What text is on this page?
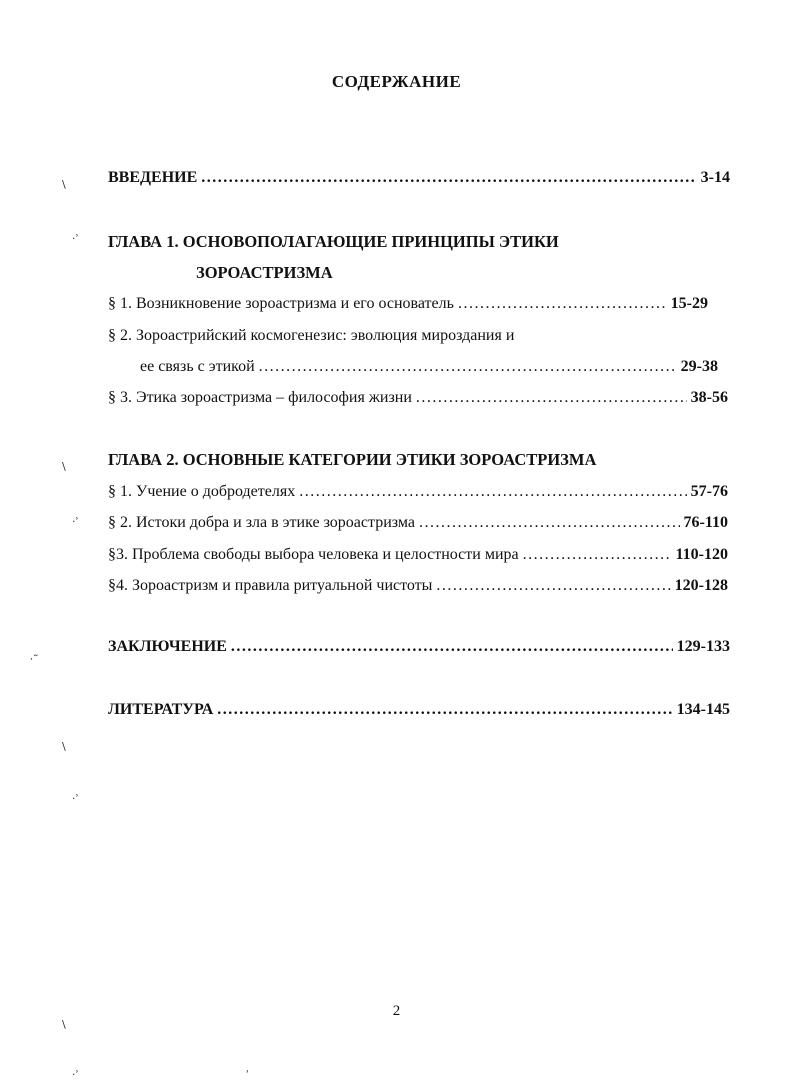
СОДЕРЖАНИЕ
ВВЕДЕНИЕ .....	3-14
ГЛАВА 1. ОСНОВОПОЛАГАЮЩИЕ ПРИНЦИПЫ ЭТИКИ
ЗОРОАСТРИЗМА
§ 1. Возникновение зороастризма и его основатель .....	15-29
§ 2. Зороастрийский космогенезис: эволюция мироздания и
ее связь с этикой .....	29-38
§ 3. Этика зороастризма – философия жизни .....	38-56
ГЛАВА 2. ОСНОВНЫЕ КАТЕГОРИИ ЭТИКИ ЗОРОАСТРИЗМА
§ 1. Учение о добродетелях .....	57-76
§ 2. Истоки добра и зла в этике зороастризма .....	76-110
§3. Проблема свободы выбора человека и целостности мира .....	110-120
§4. Зороастризм и правила ритуальной чистоты .....	120-128
ЗАКЛЮЧЕНИЕ .....	129-133
ЛИТЕРАТУРА .....	134-145
2
\
·ʾ
\
·ʾ
⸱˜
\
·ʾ
\
·ʾ	ʾ
